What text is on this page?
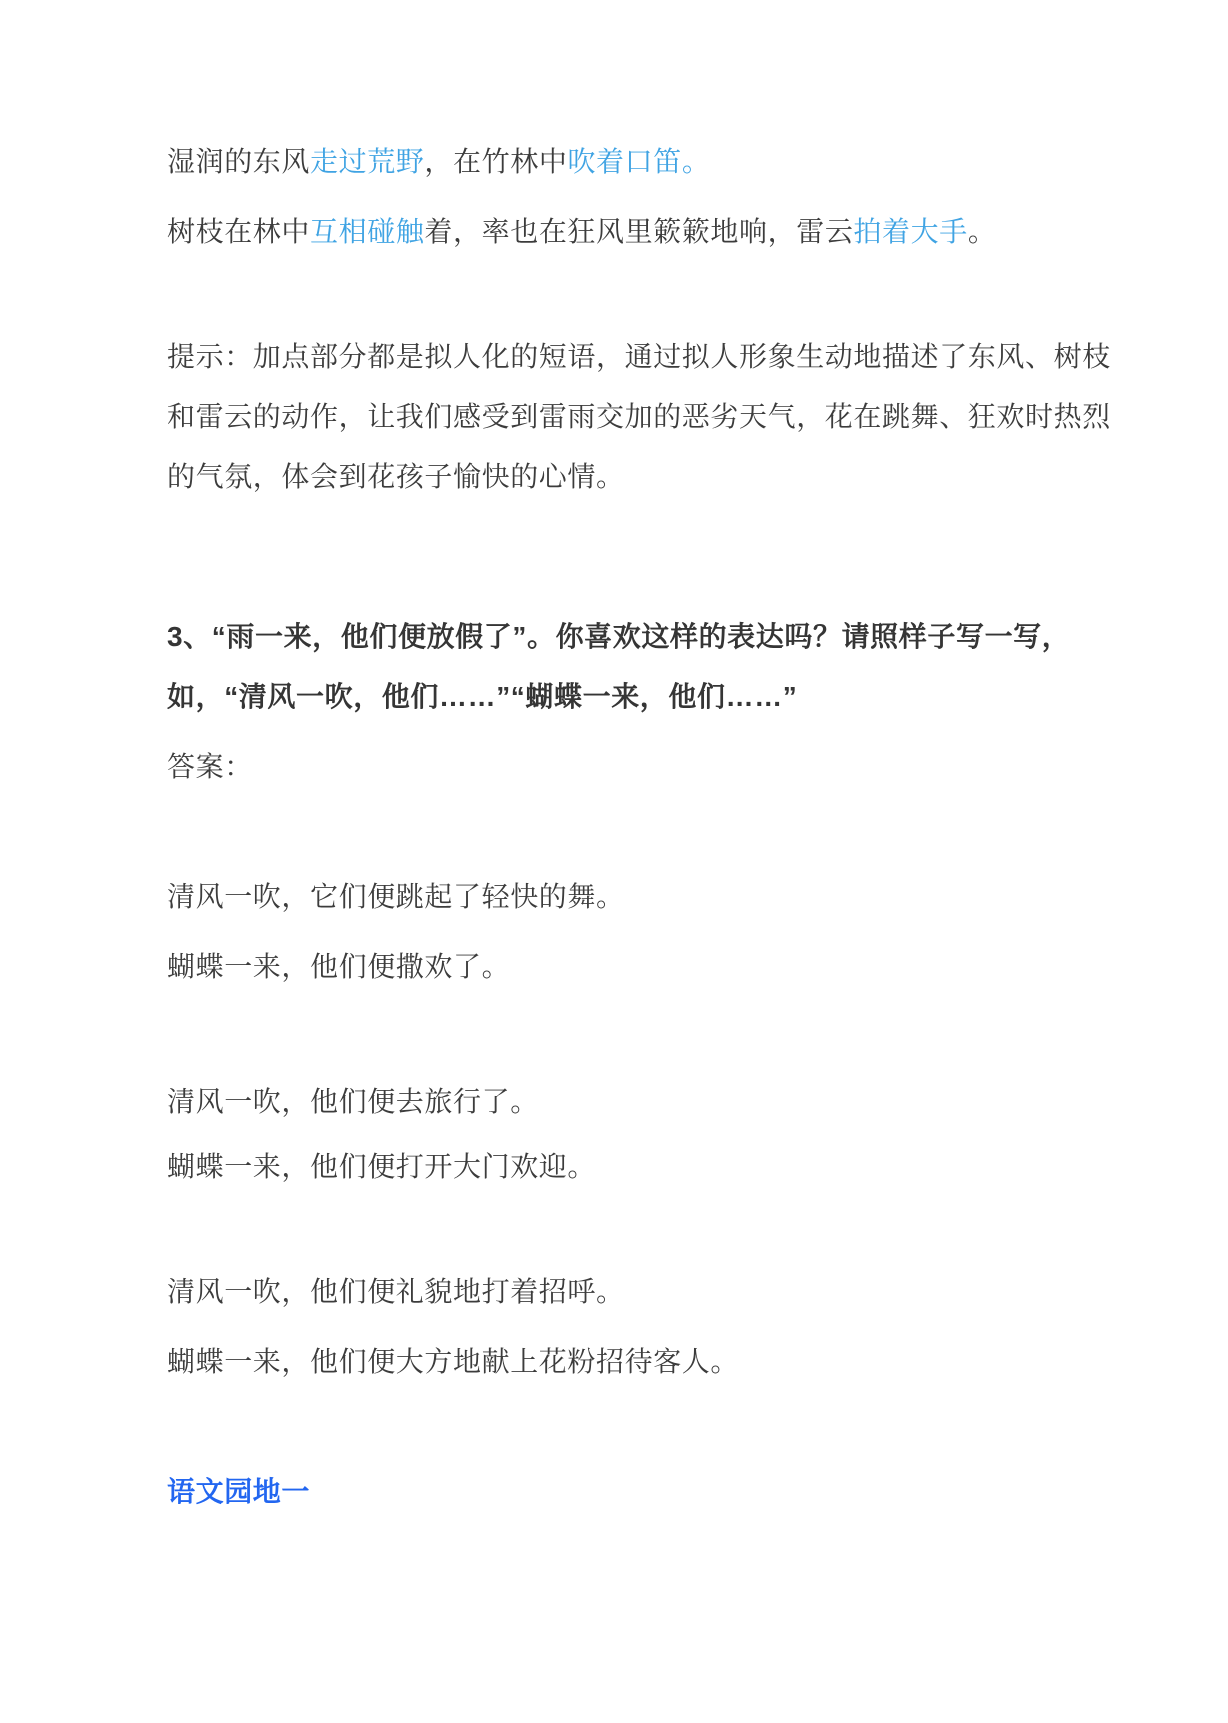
湿润的东风走过荒野，在竹林中吹着口笛。
树枝在林中互相碰触着，率也在狂风里簌簌地响，雷云拍着大手。
提示：加点部分都是拟人化的短语，通过拟人形象生动地描述了东风、树枝
和雷云的动作，让我们感受到雷雨交加的恶劣天气，花在跳舞、狂欢时热烈
的气氛，体会到花孩子愉快的心情。
3、“雨一来，他们便放假了”。你喜欢这样的表达吗？请照样子写一写，
如，“清风一吹，他们……”“蝴蝶一来，他们……”
答案：
清风一吹，它们便跳起了轻快的舞。
蝴蝶一来，他们便撒欢了。
清风一吹，他们便去旅行了。
蝴蝶一来，他们便打开大门欢迎。
清风一吹，他们便礼貌地打着招呼。
蝴蝶一来，他们便大方地献上花粉招待客人。
语文园地一
